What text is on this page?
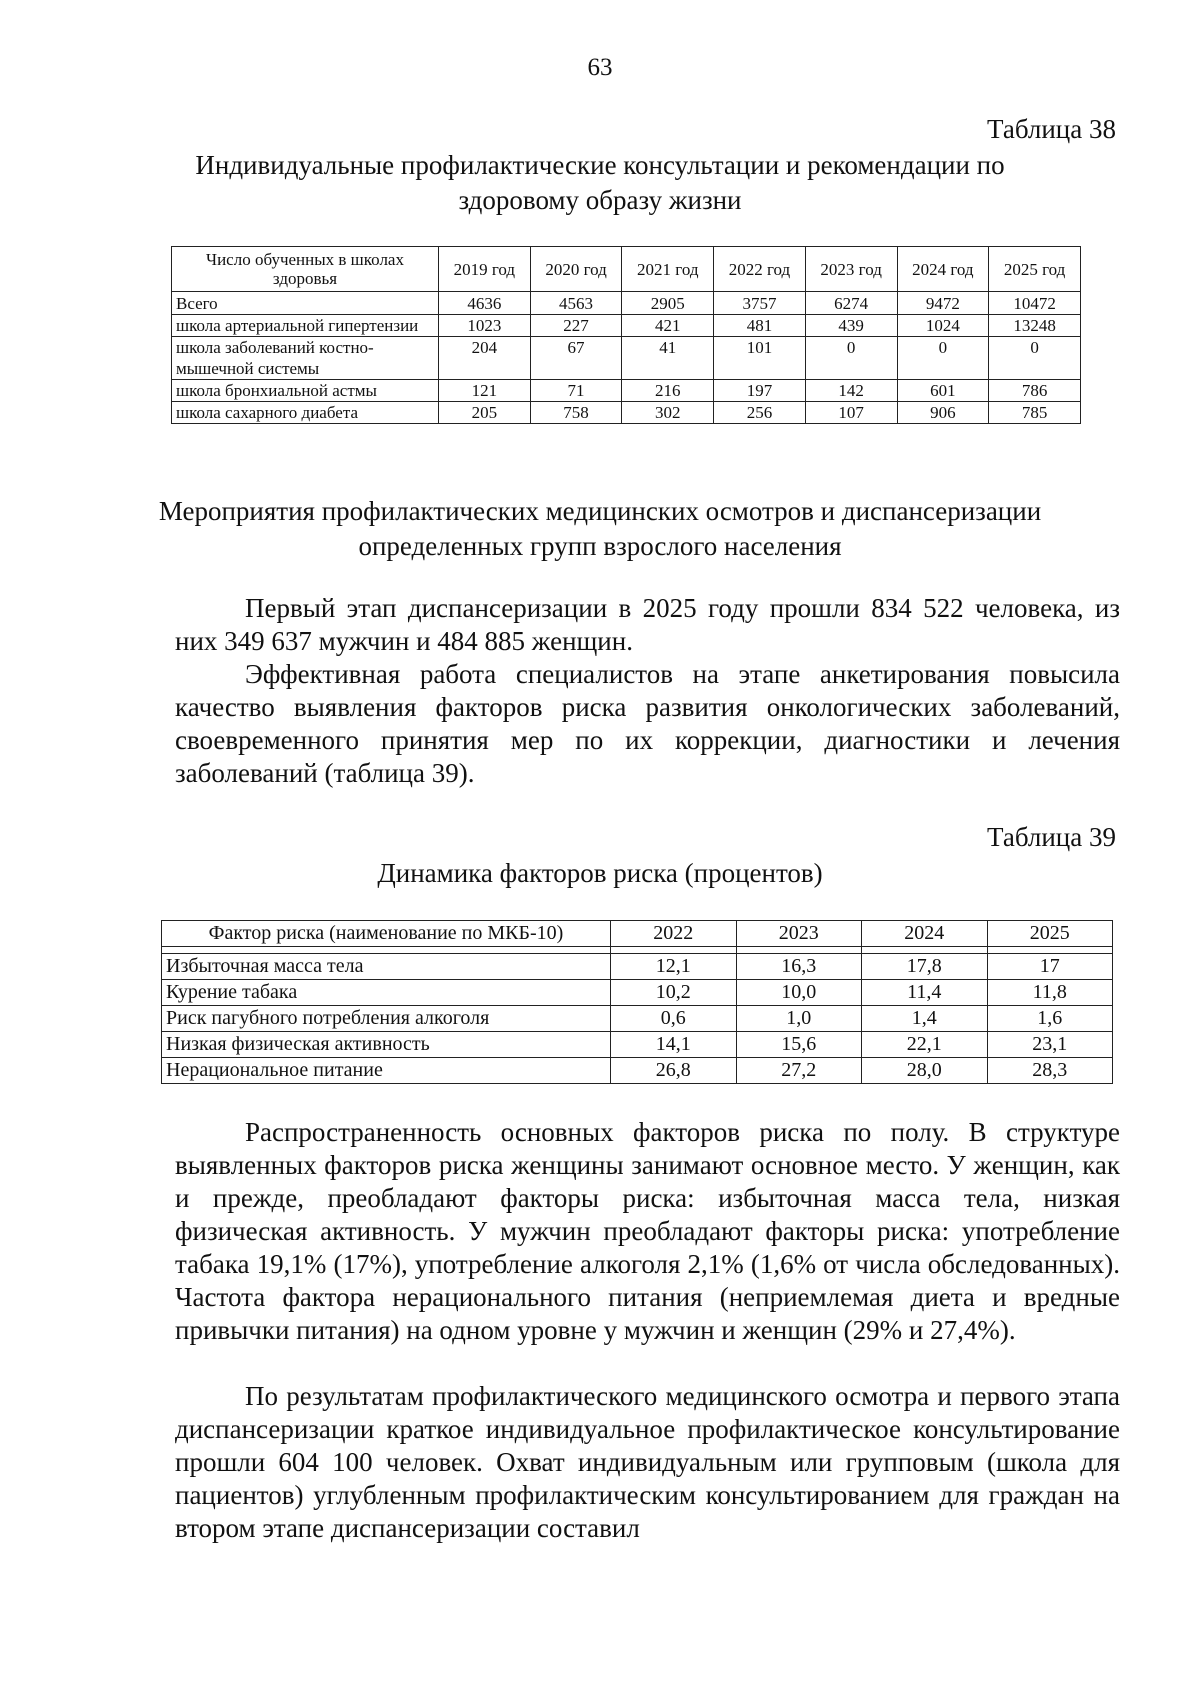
63
Таблица 38
Индивидуальные профилактические консультации и рекомендации по
здоровому образу жизни
Число обученных в школах здоровья	2019 год	2020 год	2021 год	2022 год	2023 год	2024 год	2025 год
Всего	4636	4563	2905	3757	6274	9472	10472
школа артериальной гипертензии	1023	227	421	481	439	1024	13248
школа заболеваний костно-мышечной системы	204	67	41	101	0	0	0
школа бронхиальной астмы	121	71	216	197	142	601	786
школа сахарного диабета	205	758	302	256	107	906	785
Мероприятия профилактических медицинских осмотров и диспансеризации
определенных групп взрослого населения

Первый этап диспансеризации в 2025 году прошли 834 522 человека, из них 349 637 мужчин и 484 885 женщин.

Эффективная работа специалистов на этапе анкетирования повысила качество выявления факторов риска развития онкологических заболеваний, своевременного принятия мер по их коррекции, диагностики и лечения заболеваний (таблица 39).

Таблица 39
Динамика факторов риска (процентов)
Фактор риска (наименование по МКБ-10)	2022	2023	2024	2025

Избыточная масса тела	12,1	16,3	17,8	17
Курение табака	10,2	10,0	11,4	11,8
Риск пагубного потребления алкоголя	0,6	1,0	1,4	1,6
Низкая физическая активность	14,1	15,6	22,1	23,1
Нерациональное питание	26,8	27,2	28,0	28,3

Распространенность основных факторов риска по полу. В структуре выявленных факторов риска женщины занимают основное место. У женщин, как и прежде, преобладают факторы риска: избыточная масса тела, низкая физическая активность. У мужчин преобладают факторы риска: употребление табака 19,1% (17%), употребление алкоголя 2,1% (1,6% от числа обследованных). Частота фактора нерационального питания (неприемлемая диета и вредные привычки питания) на одном уровне у мужчин и женщин (29% и 27,4%).

По результатам профилактического медицинского осмотра и первого этапа диспансеризации краткое индивидуальное профилактическое консультирование прошли 604 100 человек. Охват индивидуальным или групповым (школа для пациентов) углубленным профилактическим консультированием для граждан на втором этапе диспансеризации составил
